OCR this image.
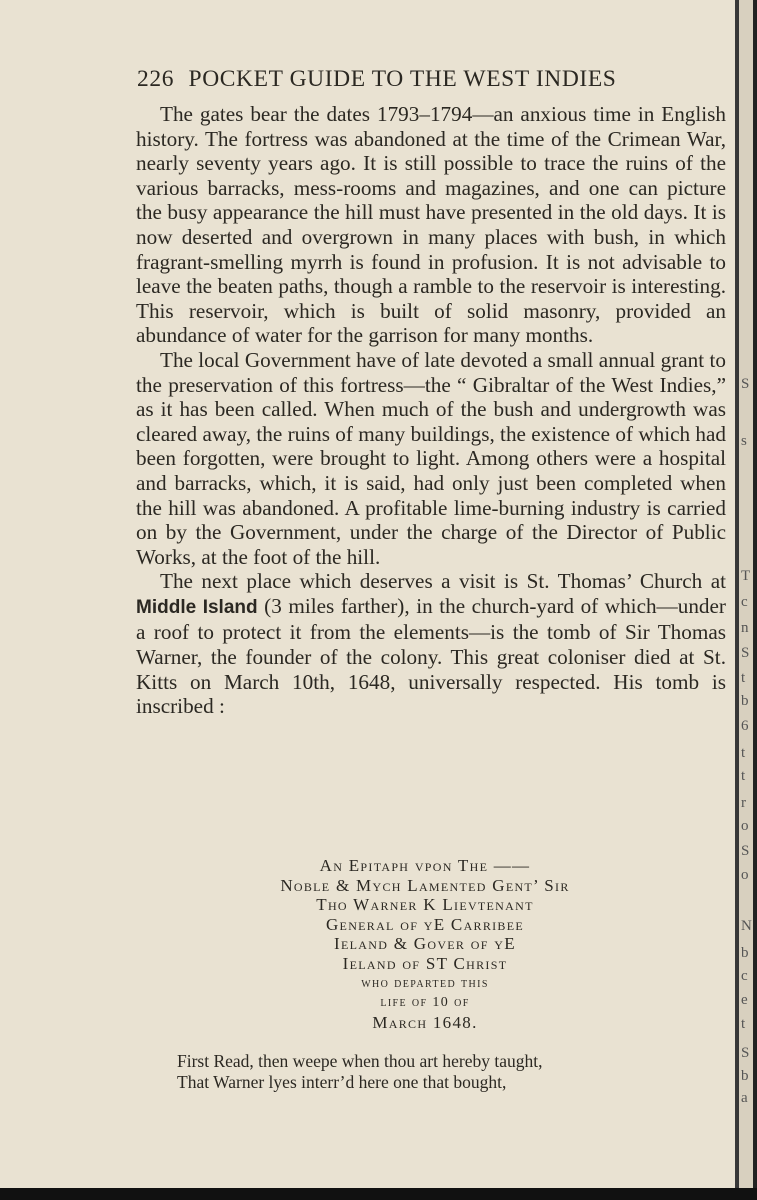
226 POCKET GUIDE TO THE WEST INDIES

The gates bear the dates 1793–1794—an anxious time in English history. The fortress was abandoned at the time of the Crimean War, nearly seventy years ago. It is still possible to trace the ruins of the various barracks, mess-rooms and magazines, and one can picture the busy appearance the hill must have presented in the old days. It is now deserted and overgrown in many places with bush, in which fragrant-smelling myrrh is found in profusion. It is not advisable to leave the beaten paths, though a ramble to the reservoir is interesting. This reservoir, which is built of solid masonry, provided an abundance of water for the garrison for many months.

The local Government have of late devoted a small annual grant to the preservation of this fortress—the “ Gibraltar of the West Indies,” as it has been called. When much of the bush and undergrowth was cleared away, the ruins of many buildings, the existence of which had been forgotten, were brought to light. Among others were a hospital and barracks, which, it is said, had only just been completed when the hill was abandoned. A profitable lime-burning industry is carried on by the Government, under the charge of the Director of Public Works, at the foot of the hill.

The next place which deserves a visit is St. Thomas’ Church at Middle Island (3 miles farther), in the church-yard of which—under a roof to protect it from the elements—is the tomb of Sir Thomas Warner, the founder of the colony. This great coloniser died at St. Kitts on March 10th, 1648, universally respected. His tomb is inscribed :

An Epitaph vpon The ——
Noble & Mych Lamented Gent’ Sir
Tho Warner K Lievtenant
General of yE Carribee
Ieland & Gover of yE
Ieland of ST Christ
who departed this
life of 10 of
March 1648.
First Read, then weepe when thou art hereby taught,
That Warner lyes interr’d here one that bought,
S
s
T
c
n
S
t
b
6
t
t
r
o
S
o
N
b
c
e
t
S
b
a
